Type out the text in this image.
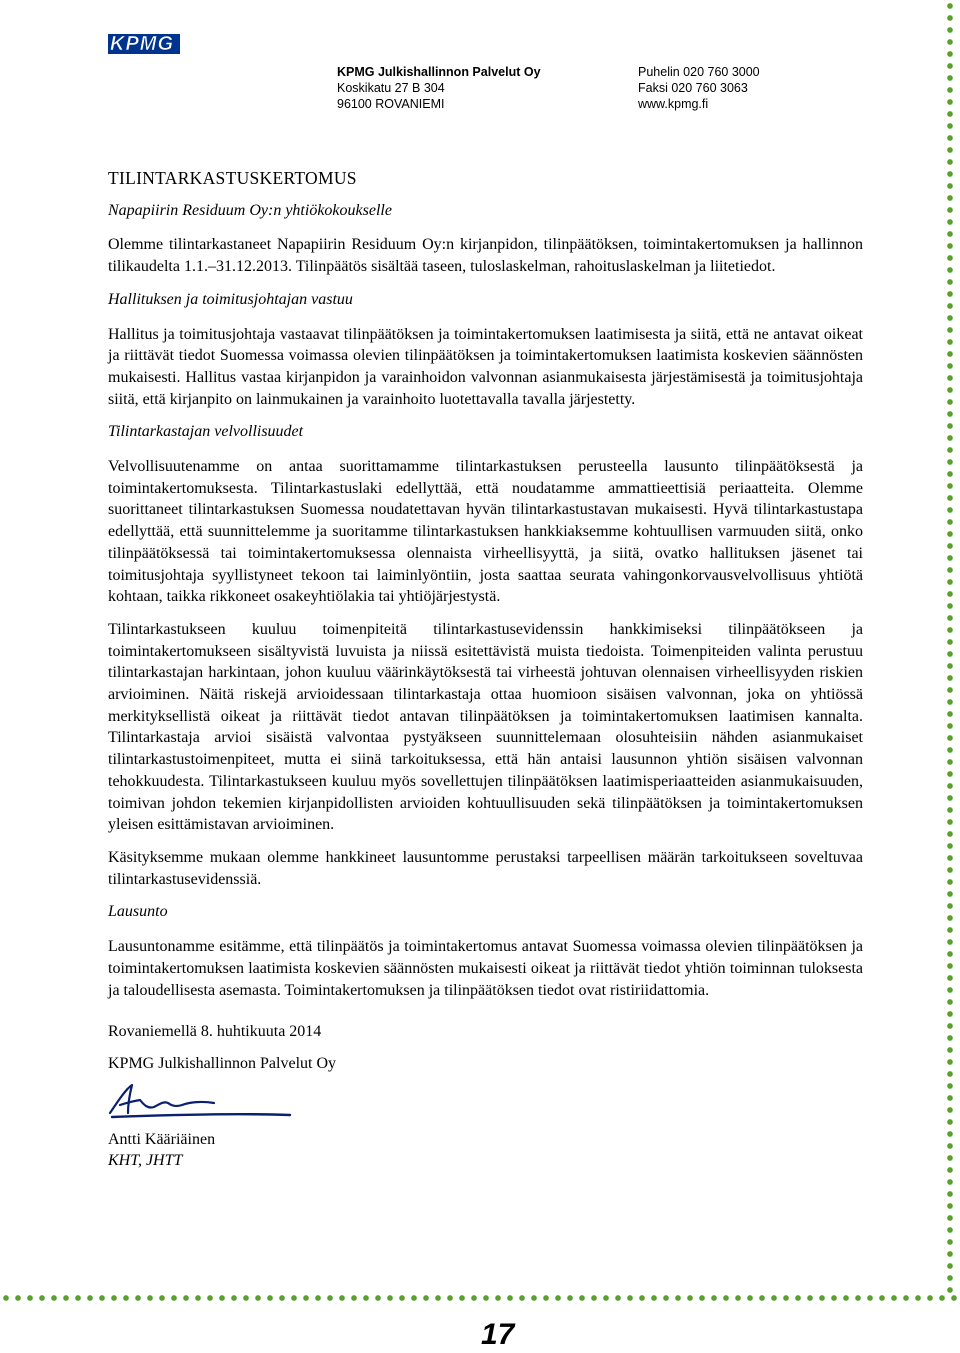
KPMG
KPMG Julkishallinnon Palvelut Oy
Koskikatu 27 B 304
96100 ROVANIEMI
Puhelin 020 760 3000
Faksi 020 760 3063
www.kpmg.fi
TILINTARKASTUSKERTOMUS
Napapiirin Residuum Oy:n yhtiökokoukselle

Olemme tilintarkastaneet Napapiirin Residuum Oy:n kirjanpidon, tilinpäätöksen, toimintakertomuksen ja hallinnon tilikaudelta 1.1.–31.12.2013. Tilinpäätös sisältää taseen, tuloslaskelman, rahoituslaskelman ja liitetiedot.

Hallituksen ja toimitusjohtajan vastuu

Hallitus ja toimitusjohtaja vastaavat tilinpäätöksen ja toimintakertomuksen laatimisesta ja siitä, että ne antavat oikeat ja riittävät tiedot Suomessa voimassa olevien tilinpäätöksen ja toimintakertomuksen laatimista koskevien säännösten mukaisesti. Hallitus vastaa kirjanpidon ja varainhoidon valvonnan asianmukaisesta järjestämisestä ja toimitusjohtaja siitä, että kirjanpito on lainmukainen ja varainhoito luotettavalla tavalla järjestetty.

Tilintarkastajan velvollisuudet

Velvollisuutenamme on antaa suorittamamme tilintarkastuksen perusteella lausunto tilinpäätöksestä ja toimintakertomuksesta. Tilintarkastuslaki edellyttää, että noudatamme ammattieettisiä periaatteita. Olemme suorittaneet tilintarkastuksen Suomessa noudatettavan hyvän tilintarkastustavan mukaisesti. Hyvä tilintarkastustapa edellyttää, että suunnittelemme ja suoritamme tilintarkastuksen hankkiaksemme kohtuullisen varmuuden siitä, onko tilinpäätöksessä tai toimintakertomuksessa olennaista virheellisyyttä, ja siitä, ovatko hallituksen jäsenet tai toimitusjohtaja syyllistyneet tekoon tai laiminlyöntiin, josta saattaa seurata vahingonkorvausvelvollisuus yhtiötä kohtaan, taikka rikkoneet osakeyhtiölakia tai yhtiöjärjestystä.

Tilintarkastukseen kuuluu toimenpiteitä tilintarkastusevidenssin hankkimiseksi tilinpäätökseen ja toimintakertomukseen sisältyvistä luvuista ja niissä esitettävistä muista tiedoista. Toimenpiteiden valinta perustuu tilintarkastajan harkintaan, johon kuuluu väärinkäytöksestä tai virheestä johtuvan olennaisen virheellisyyden riskien arvioiminen. Näitä riskejä arvioidessaan tilintarkastaja ottaa huomioon sisäisen valvonnan, joka on yhtiössä merkityksellistä oikeat ja riittävät tiedot antavan tilinpäätöksen ja toimintakertomuksen laatimisen kannalta. Tilintarkastaja arvioi sisäistä valvontaa pystyäkseen suunnittelemaan olosuhteisiin nähden asianmukaiset tilintarkastustoimenpiteet, mutta ei siinä tarkoituksessa, että hän antaisi lausunnon yhtiön sisäisen valvonnan tehokkuudesta. Tilintarkastukseen kuuluu myös sovellettujen tilinpäätöksen laatimisperiaatteiden asianmukaisuuden, toimivan johdon tekemien kirjanpidollisten arvioiden kohtuullisuuden sekä tilinpäätöksen ja toimintakertomuksen yleisen esittämistavan arvioiminen.

Käsityksemme mukaan olemme hankkineet lausuntomme perustaksi tarpeellisen määrän tarkoitukseen soveltuvaa tilintarkastusevidenssiä.

Lausunto

Lausuntonamme esitämme, että tilinpäätös ja toimintakertomus antavat Suomessa voimassa olevien tilinpäätöksen ja toimintakertomuksen laatimista koskevien säännösten mukaisesti oikeat ja riittävät tiedot yhtiön toiminnan tuloksesta ja taloudellisesta asemasta. Toimintakertomuksen ja tilinpäätöksen tiedot ovat ristiriidattomia.

Rovaniemellä 8. huhtikuuta 2014
KPMG Julkishallinnon Palvelut Oy
Antti Kääriäinen
KHT, JHTT
17
